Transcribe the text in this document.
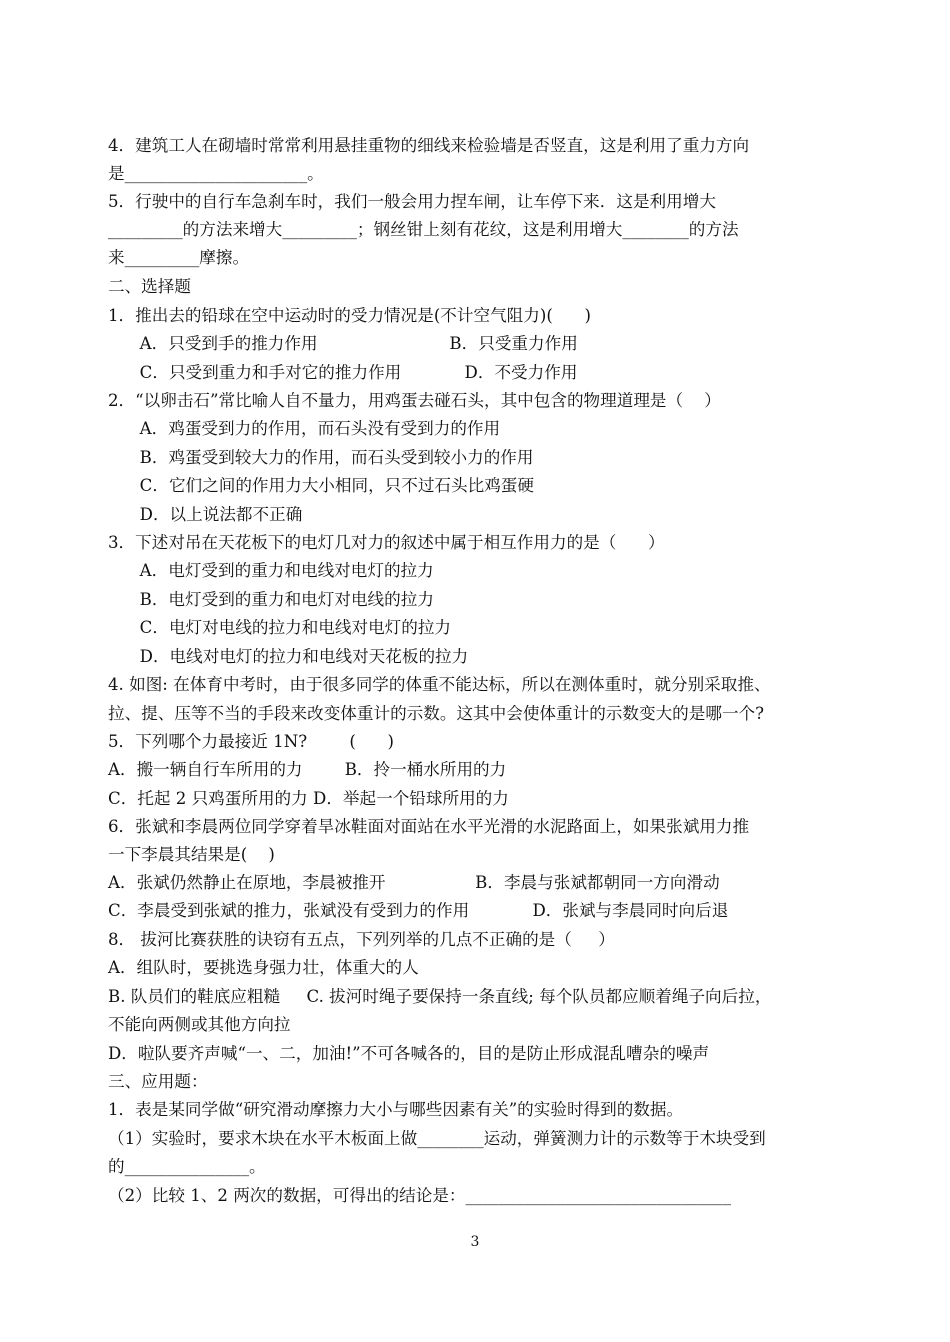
4．建筑工人在砌墙时常常利用悬挂重物的细线来检验墙是否竖直，这是利用了重力方向
是______________________。
5．行驶中的自行车急刹车时，我们一般会用力捏车闸，让车停下来．这是利用增大
_________的方法来增大_________；钢丝钳上刻有花纹，这是利用增大________的方法
来_________摩擦。
二、选择题
1．推出去的铅球在空中运动时的受力情况是(不计空气阻力)(      )
A．只受到手的推力作用                         B．只受重力作用
C．只受到重力和手对它的推力作用            D．不受力作用
2．“以卵击石”常比喻人自不量力，用鸡蛋去碰石头，其中包含的物理道理是（    ）
A．鸡蛋受到力的作用，而石头没有受到力的作用
B．鸡蛋受到较大力的作用，而石头受到较小力的作用
C．它们之间的作用力大小相同，只不过石头比鸡蛋硬
D．以上说法都不正确
3．下述对吊在天花板下的电灯几对力的叙述中属于相互作用力的是（      ）
A．电灯受到的重力和电线对电灯的拉力
B．电灯受到的重力和电灯对电线的拉力
C．电灯对电线的拉力和电线对电灯的拉力
D．电线对电灯的拉力和电线对天花板的拉力
4. 如图: 在体育中考时，由于很多同学的体重不能达标，所以在测体重时，就分别采取推、
拉、提、压等不当的手段来改变体重计的示数。这其中会使体重计的示数变大的是哪一个?
5．下列哪个力最接近 1N?        (      )
A．搬一辆自行车所用的力        B．拎一桶水所用的力
C．托起 2 只鸡蛋所用的力 D．举起一个铅球所用的力
6．张斌和李晨两位同学穿着旱冰鞋面对面站在水平光滑的水泥路面上，如果张斌用力推
一下李晨其结果是(    )
A．张斌仍然静止在原地，李晨被推开                 B．李晨与张斌都朝同一方向滑动
C．李晨受到张斌的推力，张斌没有受到力的作用            D．张斌与李晨同时向后退
8． 拔河比赛获胜的诀窃有五点，下列列举的几点不正确的是（     ）
A．组队时，要挑选身强力壮，体重大的人
B. 队员们的鞋底应粗糙     C. 拔河时绳子要保持一条直线; 每个队员都应顺着绳子向后拉，
不能向两侧或其他方向拉
D．啦队要齐声喊“一、二，加油!”不可各喊各的，目的是防止形成混乱嘈杂的噪声
三、应用题：
1．表是某同学做“研究滑动摩擦力大小与哪些因素有关”的实验时得到的数据。
（1）实验时，要求木块在水平木板面上做________运动，弹簧测力计的示数等于木块受到
的_______________。
（2）比较 1、2 两次的数据，可得出的结论是：________________________________
3
